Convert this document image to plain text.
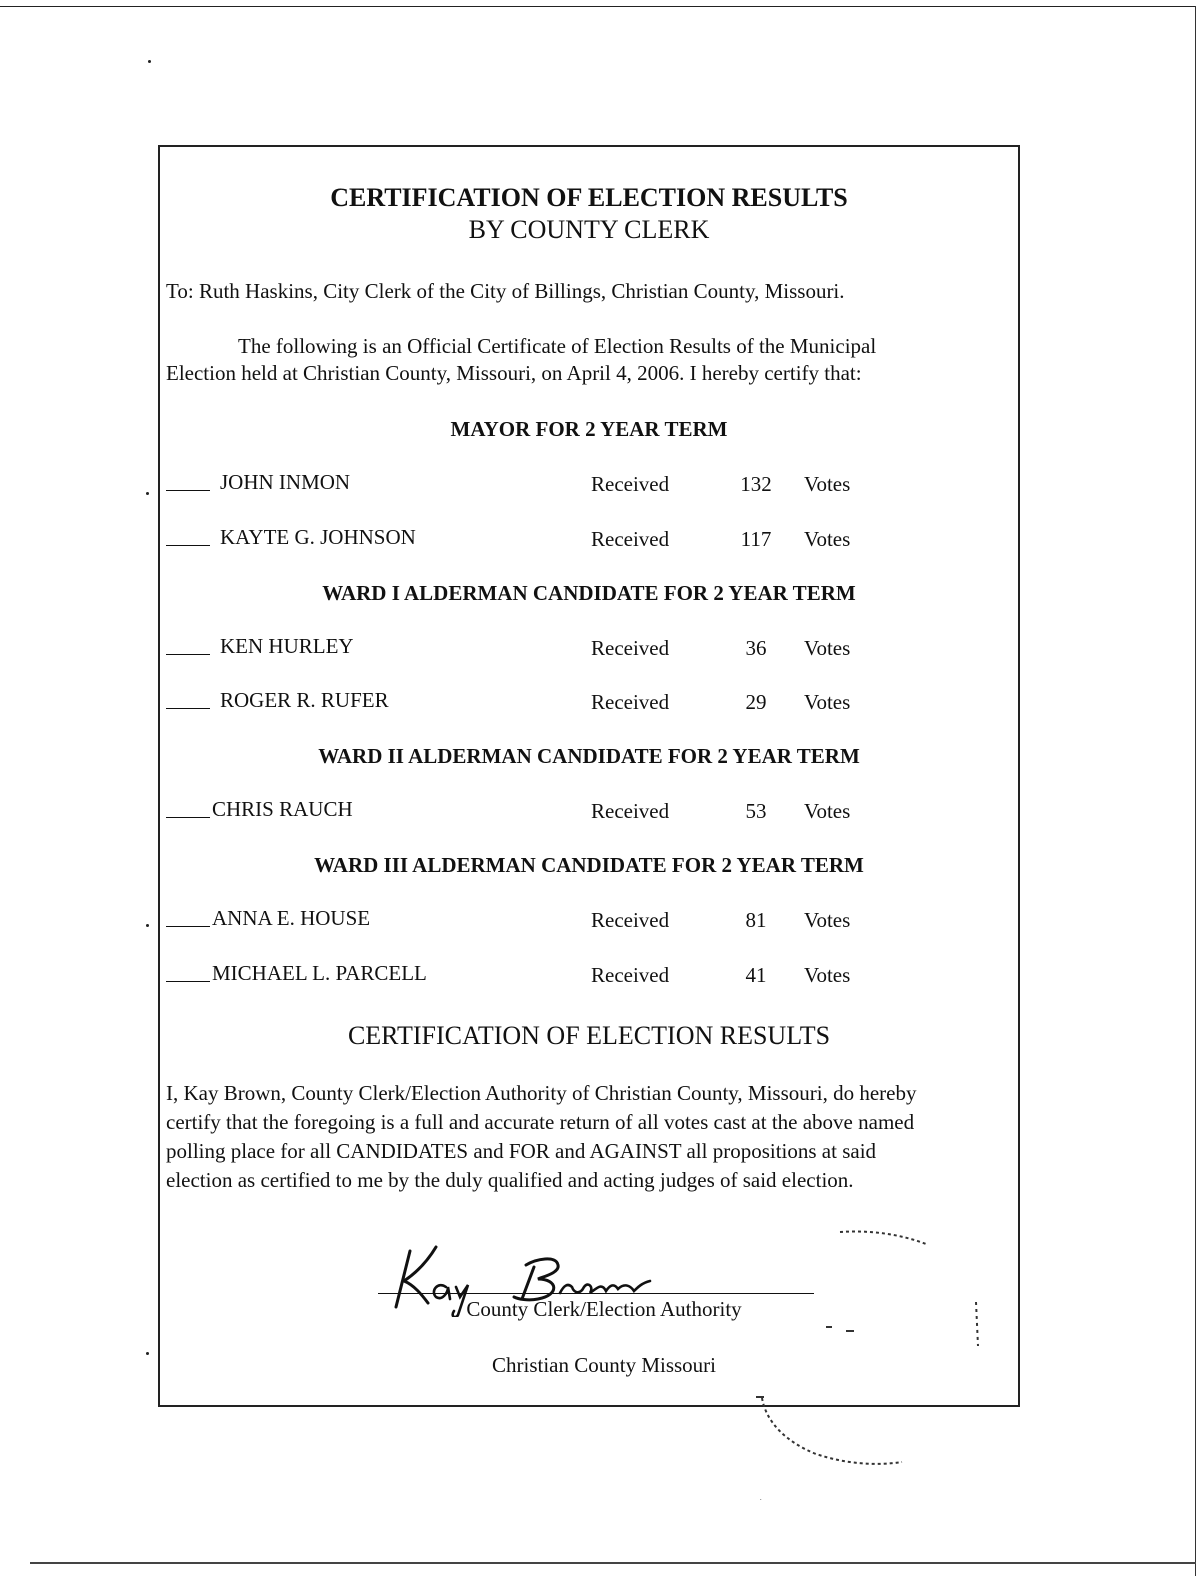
CERTIFICATION OF ELECTION RESULTS
BY COUNTY CLERK
To: Ruth Haskins, City Clerk of the City of Billings, Christian County, Missouri.
The following is an Official Certificate of Election Results of the Municipal
Election held at Christian County, Missouri, on April 4, 2006. I hereby certify that:
MAYOR FOR 2 YEAR TERM
JOHN INMON	Received	132	Votes
KAYTE G. JOHNSON	Received	117	Votes
WARD I ALDERMAN CANDIDATE FOR 2 YEAR TERM
KEN HURLEY	Received	36	Votes
ROGER R. RUFER	Received	29	Votes
WARD II ALDERMAN CANDIDATE FOR 2 YEAR TERM
CHRIS RAUCH	Received	53	Votes
WARD III ALDERMAN CANDIDATE FOR 2 YEAR TERM
ANNA E. HOUSE	Received	81	Votes
MICHAEL L. PARCELL	Received	41	Votes
CERTIFICATION OF ELECTION RESULTS
I, Kay Brown, County Clerk/Election Authority of Christian County, Missouri, do hereby
certify that the foregoing is a full and accurate return of all votes cast at the above named
polling place for all CANDIDATES and FOR and AGAINST all propositions at said
election as certified to me by the duly qualified and acting judges of said election.
County Clerk/Election Authority
Christian County Missouri
